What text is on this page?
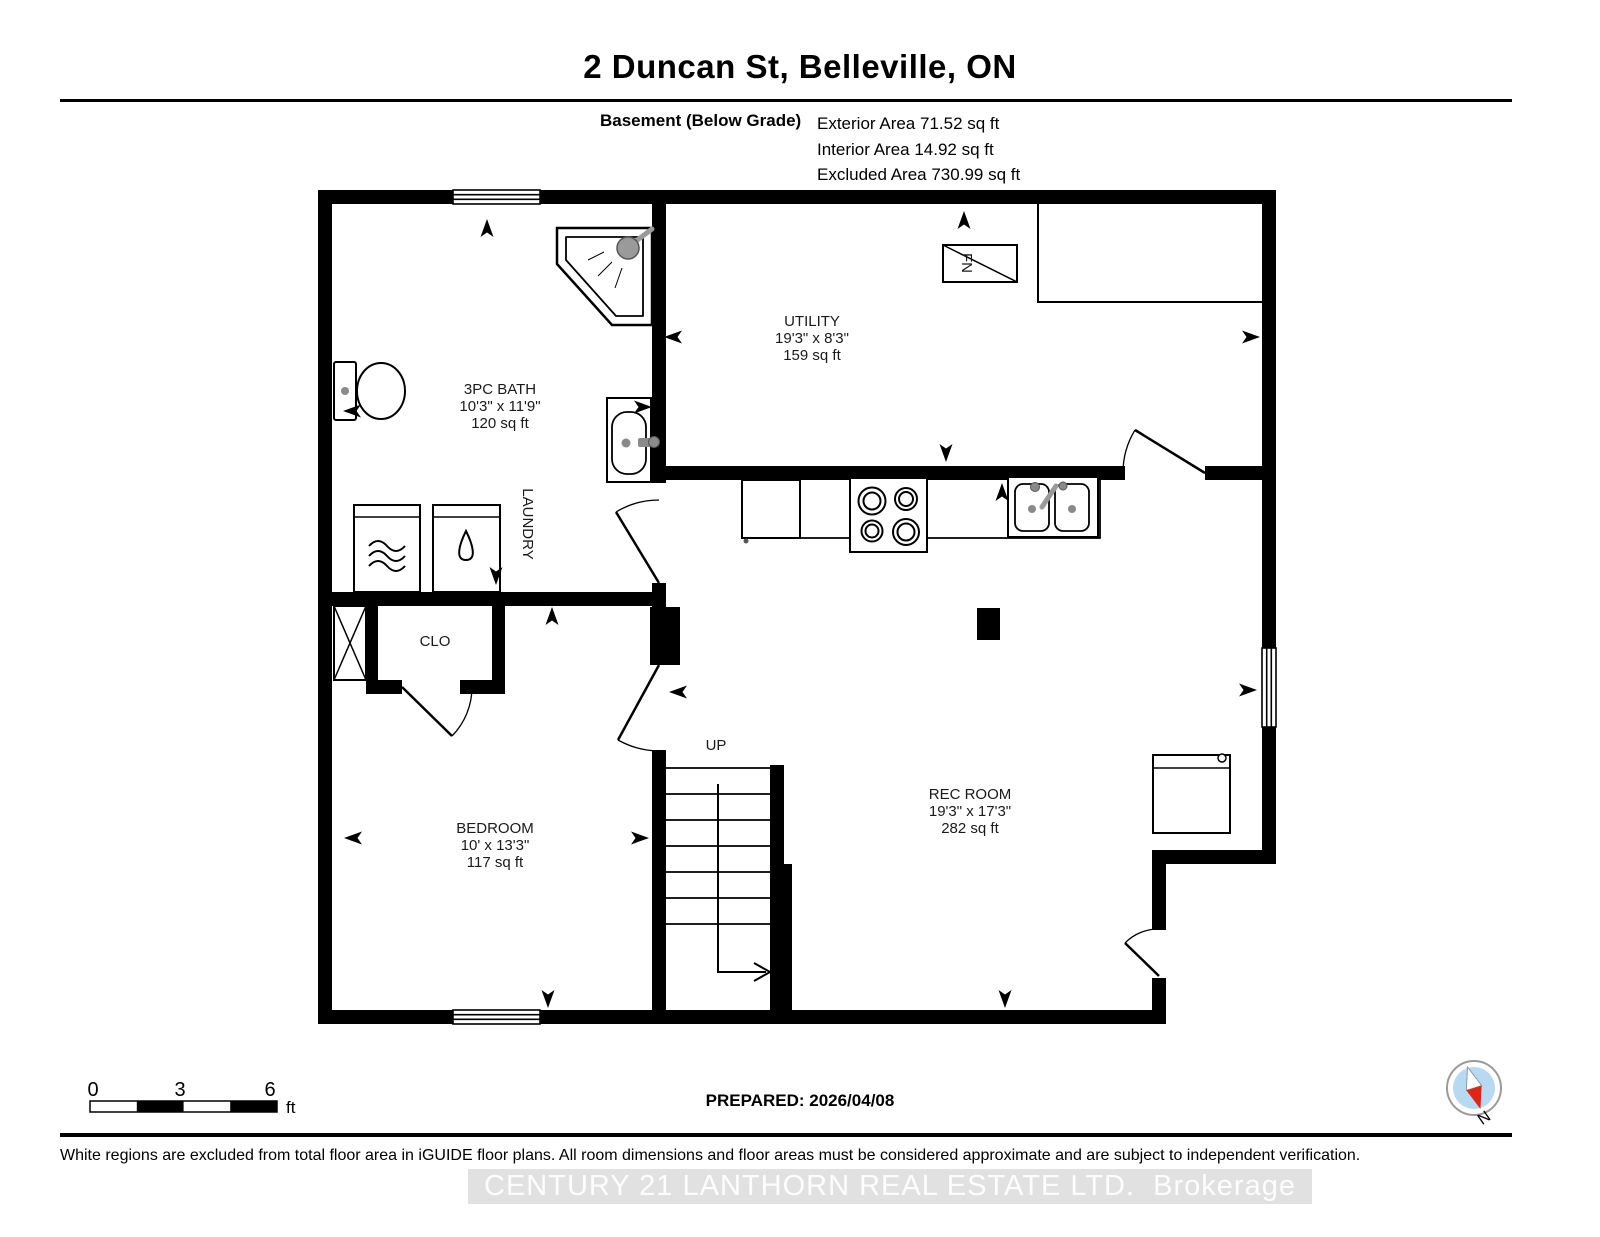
2 Duncan St, Belleville, ON
Basement (Below Grade) Exterior Area 71.52 sq ft
Interior Area 14.92 sq ft
Excluded Area 730.99 sq ft
FN
3PC BATH
10'3" x 11'9"
120 sq ft
UTILITY
19'3" x 8'3"
159 sq ft
BEDROOM
10' x 13'3"
117 sq ft
REC ROOM
19'3" x 17'3"
282 sq ft
CLO
UP
LAUNDRY
0	3	6
ft
N
PREPARED: 2026/04/08
White regions are excluded from total floor area in iGUIDE floor plans. All room dimensions and floor areas must be considered approximate and are subject to independent verification.
CENTURY 21 LANTHORN REAL ESTATE LTD.  Brokerage
